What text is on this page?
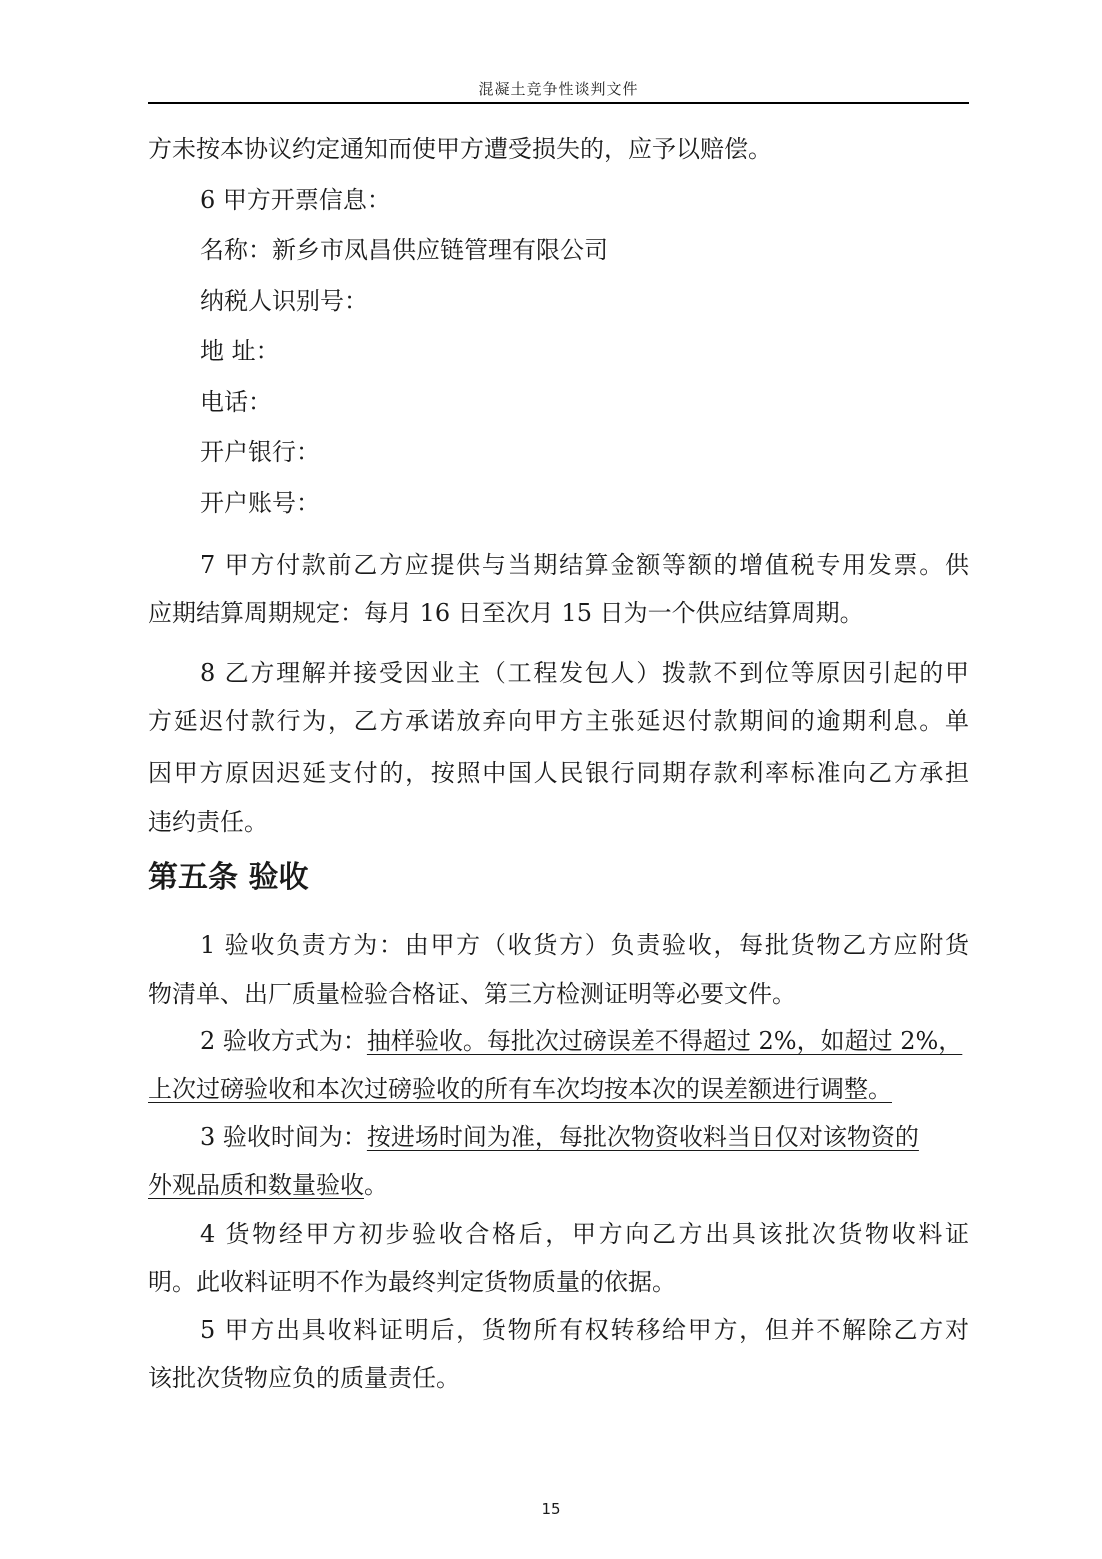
混凝土竞争性谈判文件
方未按本协议约定通知而使甲方遭受损失的，应予以赔偿。
6 甲方开票信息：
名称：新乡市凤昌供应链管理有限公司
纳税人识别号：
地 址：
电话：
开户银行：
开户账号：
7 甲方付款前乙方应提供与当期结算金额等额的增值税专用发票。供
应期结算周期规定：每月 16 日至次月 15 日为一个供应结算周期。
8 乙方理解并接受因业主（工程发包人）拨款不到位等原因引起的甲
方延迟付款行为，乙方承诺放弃向甲方主张延迟付款期间的逾期利息。单
因甲方原因迟延支付的，按照中国人民银行同期存款利率标准向乙方承担
违约责任。
第五条 验收
1 验收负责方为：由甲方（收货方）负责验收，每批货物乙方应附货
物清单、出厂质量检验合格证、第三方检测证明等必要文件。
2 验收方式为：抽样验收。每批次过磅误差不得超过 2%，如超过 2%，
上次过磅验收和本次过磅验收的所有车次均按本次的误差额进行调整。
3 验收时间为：按进场时间为准，每批次物资收料当日仅对该物资的
外观品质和数量验收。
4 货物经甲方初步验收合格后，甲方向乙方出具该批次货物收料证
明。此收料证明不作为最终判定货物质量的依据。
5 甲方出具收料证明后，货物所有权转移给甲方，但并不解除乙方对
该批次货物应负的质量责任。
15
